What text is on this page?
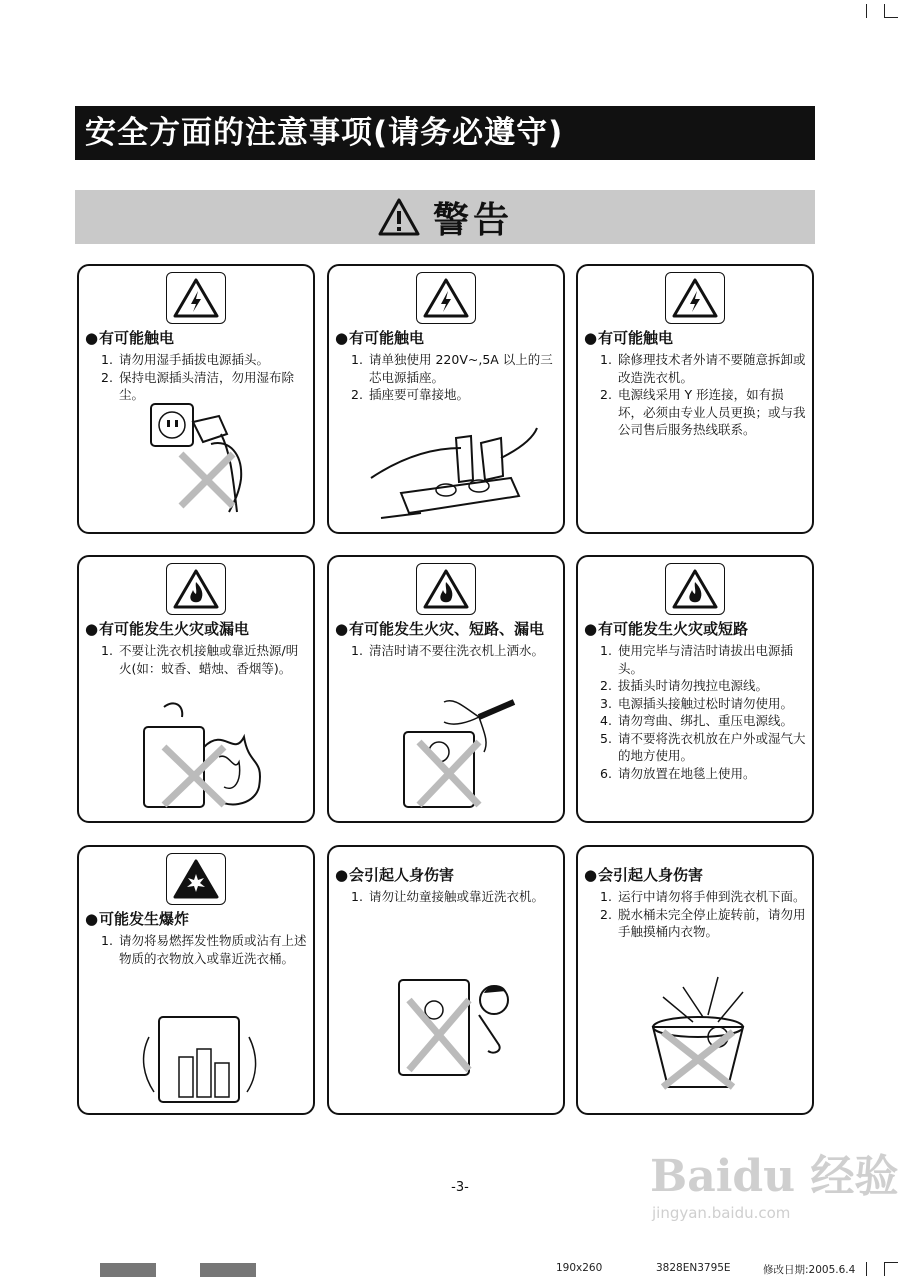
安全方面的注意事项(请务必遵守)
警告
● 有可能触电
1. 请勿用湿手插拔电源插头。
2. 保持电源插头清洁，勿用湿布除尘。
● 有可能触电
1. 请单独使用 220V~,5A 以上的三芯电源插座。
2. 插座要可靠接地。
● 有可能触电
1. 除修理技术者外请不要随意拆卸或改造洗衣机。
2. 电源线采用 Y 形连接，如有损坏，必须由专业人员更换；或与我公司售后服务热线联系。
● 有可能发生火灾或漏电
1. 不要让洗衣机接触或靠近热源/明火(如：蚊香、蜡烛、香烟等)。
● 有可能发生火灾、短路、漏电
1. 清洁时请不要往洗衣机上洒水。
● 有可能发生火灾或短路
1. 使用完毕与清洁时请拔出电源插头。
2. 拔插头时请勿拽拉电源线。
3. 电源插头接触过松时请勿使用。
4. 请勿弯曲、绑扎、重压电源线。
5. 请不要将洗衣机放在户外或湿气大的地方使用。
6. 请勿放置在地毯上使用。
● 可能发生爆炸
1. 请勿将易燃挥发性物质或沾有上述物质的衣物放入或靠近洗衣桶。
● 会引起人身伤害
1. 请勿让幼童接触或靠近洗衣机。
● 会引起人身伤害
1. 运行中请勿将手伸到洗衣机下面。
2. 脱水桶未完全停止旋转前，请勿用手触摸桶内衣物。
-3-	Baidu 经验
jingyan.baidu.com
190x260	3828EN3795E	修改日期:2005.6.4
